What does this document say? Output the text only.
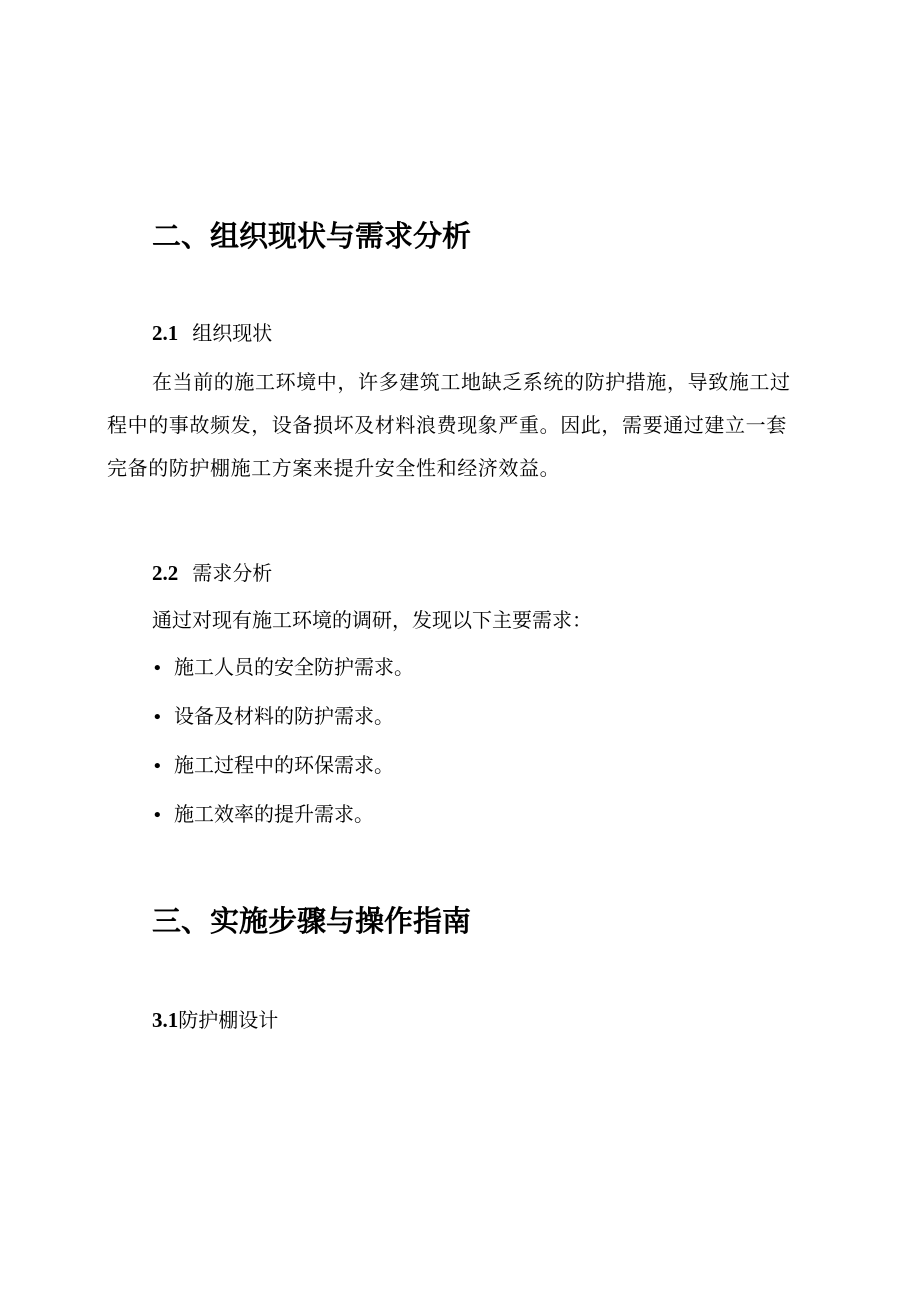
二、组织现状与需求分析
2.1 组织现状
在当前的施工环境中，许多建筑工地缺乏系统的防护措施，导致施工过
程中的事故频发，设备损坏及材料浪费现象严重。因此，需要通过建立一套
完备的防护棚施工方案来提升安全性和经济效益。
2.2 需求分析
通过对现有施工环境的调研，发现以下主要需求：
• 施工人员的安全防护需求。
• 设备及材料的防护需求。
• 施工过程中的环保需求。
• 施工效率的提升需求。
三、实施步骤与操作指南
3.1防护棚设计
